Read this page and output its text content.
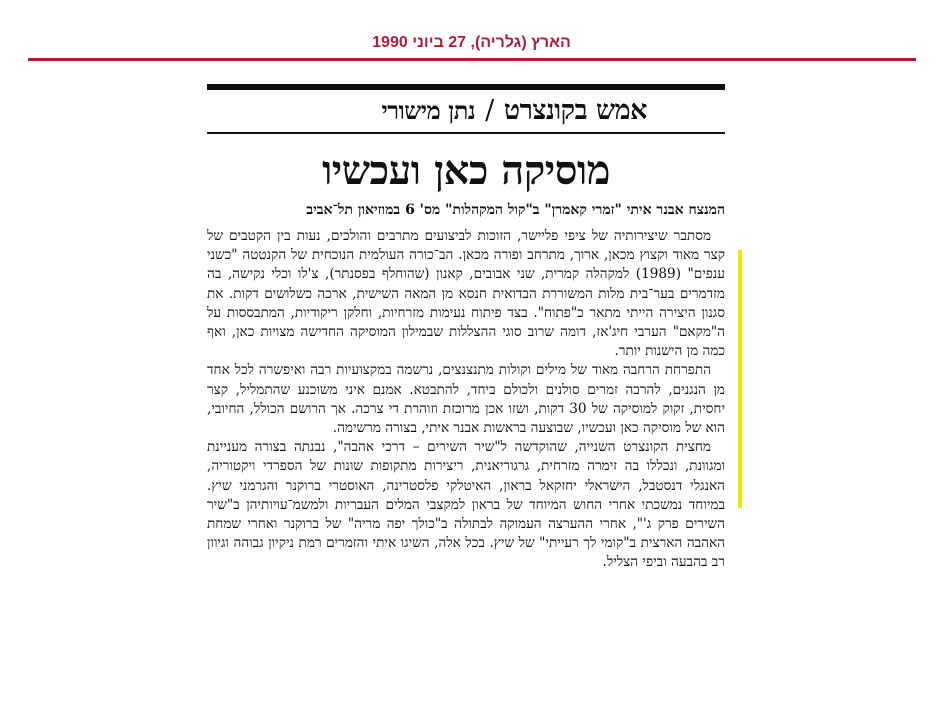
הארץ (גלריה), 27 ביוני 1990
אמש בקונצרט/נתן מישורי
מוסיקה כאן ועכשיו
המנצח אבנר איתי "זמרי קאמרן" ב"קול המקהלות" מס' 6 במוזיאון תל־אביב

מסתבר שיצירותיה של ציפי פליישר, הזוכות לביצועים מתרבים והולכים, נעות בין הקטבים של קצר מאוד וקצוץ מכאן, ארוך, מתרחב ופורה מכאן. הב־כורה העולמית הנוכחית של הקנטטה "כשני ענפים" (1989) למקהלה קמרית, שני אבובים, קאנון (שהוחלף בפסנתר), צ'לו וכלי נקישה, בה מזדמרים בער־בית מלות המשוררת הבדואית חנסא מן המאה השישית, ארכה כשלושים דקות. את סגנון היצירה הייתי מתאר כ"פתוח". בצד פיתוח נעימות מזרחיות, וחלקן ריקודיות, המתבססות על ה"מקאם" הערבי חיג'אז, דומה שרוב סוגי ההצללות שבמילון המוסיקה החדישה מצויות כאן, ואף כמה מן הישנות יותר.

התפרחת הרחבה מאוד של מילים וקולות מתנצנצים, נרשמה במקצועיות רבה ואיפשרה לכל אחד מן הנגנים, להרבה זמרים סולנים ולכולם ביחד, להתבטא. אמנם איני משוכנע שהתמליל, קצר יחסית, זקוק למוסיקה של 30 דקות, ושזו אכן מרוכזת וזוהרת די צרכה. אך הרושם הכולל, החיובי, הוא של מוסיקה כאן ועכשיו, שבוצעה בראשות אבנר איתי, בצורה מרשימה.

מחצית הקונצרט השנייה, שהוקדשה ל"שיר השירים – דרכי אהבה", נבנתה בצורה מעניינת ומגוונת, ונכללו בה זימרה מזרחית, גרגוריאנית, ריצירות מתקופות שונות של הספרדי ויקטוריה, האנגלי דנסטבל, הישראלי יחזקאל בראון, האיטלקי פלסטרינה, האוסטרי ברוקנר והגרמני שיץ. במיוחד נמשכתי אחרי החוש המיוחד של בראון למקצבי המלים העבריות ולמשמ־עויותיהן ב"שיר השירים פרק ג'", אחרי ההערצה העמוקה לבתולה ב"כולך יפה מריה" של ברוקנר ואחרי שמחת האהבה הארצית ב"קומי לך רעייתי" של שיץ. בכל אלה, השיגו איתי והזמרים רמת ניקיון גבוהה וגיוון רב בהבעה וביפי הצליל.
